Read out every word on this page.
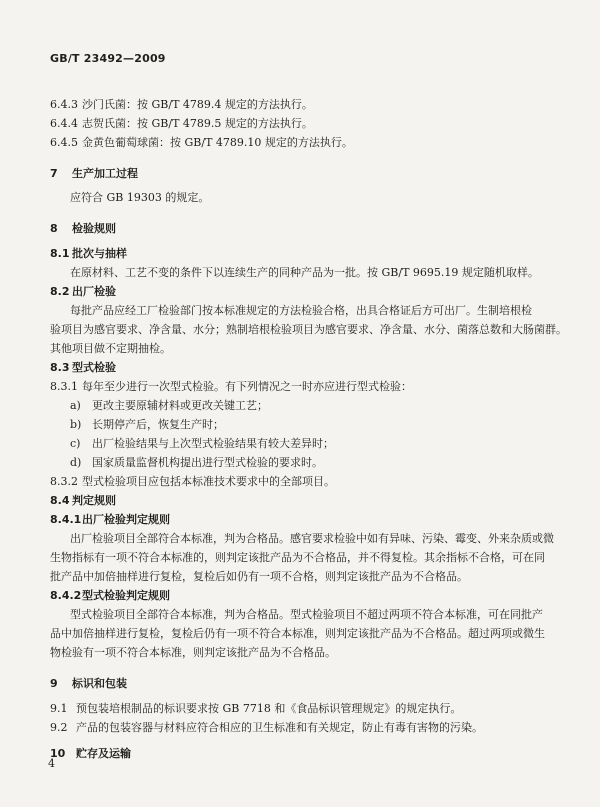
GB/T 23492—2009
6.4.3 沙门氏菌：按 GB/T 4789.4 规定的方法执行。
6.4.4 志贺氏菌：按 GB/T 4789.5 规定的方法执行。
6.4.5 金黄色葡萄球菌：按 GB/T 4789.10 规定的方法执行。
7 生产加工过程
应符合 GB 19303 的规定。
8 检验规则
8.1 批次与抽样
在原材料、工艺不变的条件下以连续生产的同种产品为一批。按 GB/T 9695.19 规定随机取样。
8.2 出厂检验
每批产品应经工厂检验部门按本标准规定的方法检验合格，出具合格证后方可出厂。生制培根检
验项目为感官要求、净含量、水分；熟制培根检验项目为感官要求、净含量、水分、菌落总数和大肠菌群。
其他项目做不定期抽检。
8.3 型式检验
8.3.1 每年至少进行一次型式检验。有下列情况之一时亦应进行型式检验：
a) 更改主要原辅材料或更改关键工艺；
b) 长期停产后，恢复生产时；
c) 出厂检验结果与上次型式检验结果有较大差异时；
d) 国家质量监督机构提出进行型式检验的要求时。
8.3.2 型式检验项目应包括本标准技术要求中的全部项目。
8.4 判定规则
8.4.1 出厂检验判定规则
出厂检验项目全部符合本标准，判为合格品。感官要求检验中如有异味、污染、霉变、外来杂质或微
生物指标有一项不符合本标准的，则判定该批产品为不合格品，并不得复检。其余指标不合格，可在同
批产品中加倍抽样进行复检，复检后如仍有一项不合格，则判定该批产品为不合格品。
8.4.2 型式检验判定规则
型式检验项目全部符合本标准，判为合格品。型式检验项目不超过两项不符合本标准，可在同批产
品中加倍抽样进行复检，复检后仍有一项不符合本标准，则判定该批产品为不合格品。超过两项或微生
物检验有一项不符合本标准，则判定该批产品为不合格品。
9 标识和包装
9.1 预包装培根制品的标识要求按 GB 7718 和《食品标识管理规定》的规定执行。
9.2 产品的包装容器与材料应符合相应的卫生标准和有关规定，防止有毒有害物的污染。
10 贮存及运输
4
